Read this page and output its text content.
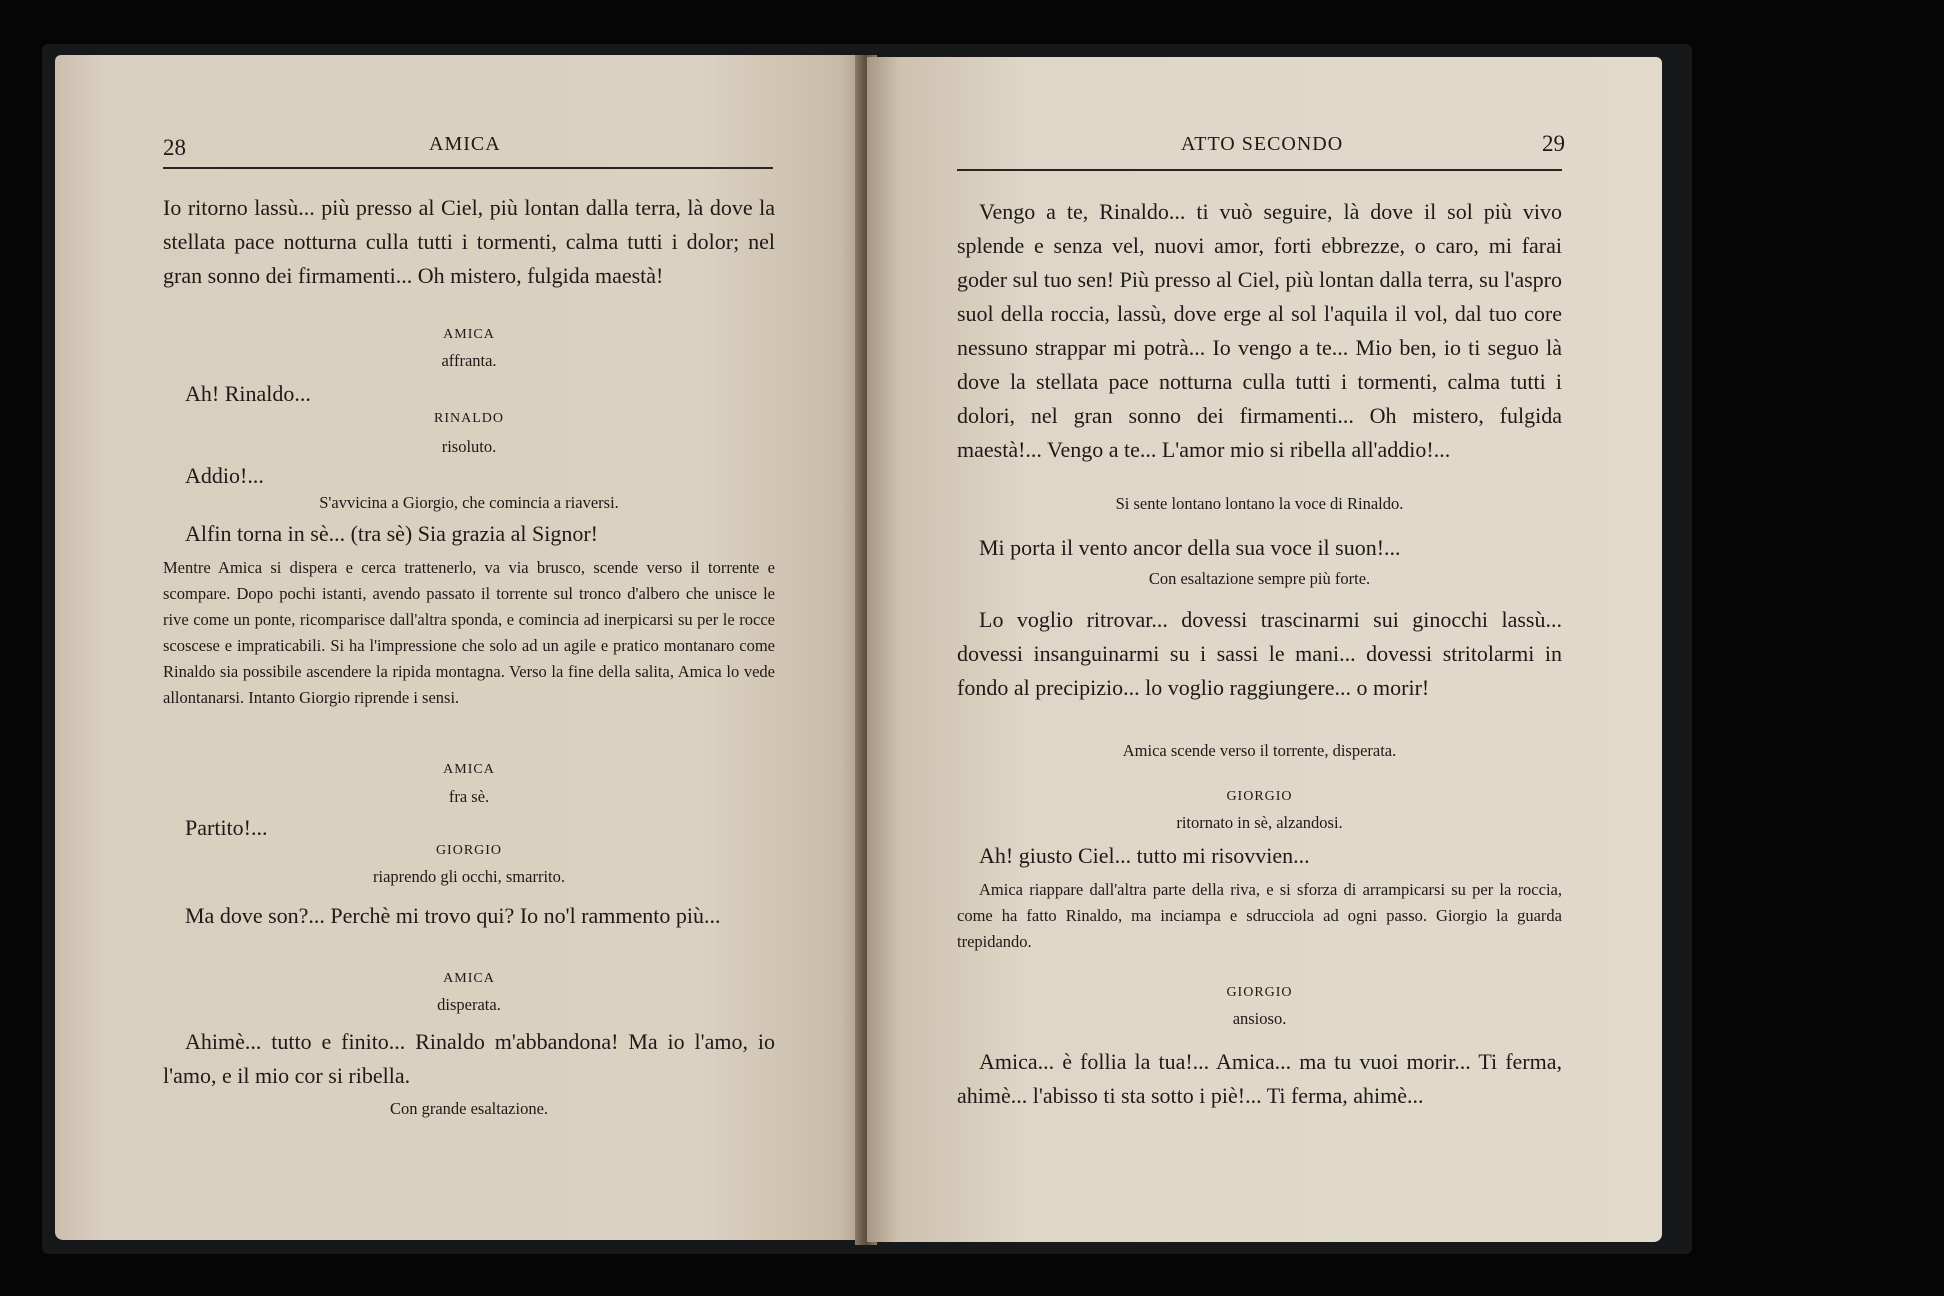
28	AMICA
Io ritorno lassù... più presso al Ciel, più lontan dalla terra, là dove la stellata pace notturna culla tutti i tormenti, calma tutti i dolor; nel gran sonno dei firmamenti... Oh mistero, fulgida maestà!
AMICA
affranta.
Ah! Rinaldo...
RINALDO
risoluto.
Addio!...
S'avvicina a Giorgio, che comincia a riaversi.
Alfin torna in sè... (tra sè) Sia grazia al Signor!
Mentre Amica si dispera e cerca trattenerlo, va via brusco, scende verso il torrente e scompare. Dopo pochi istanti, avendo passato il torrente sul tronco d'albero che unisce le rive come un ponte, ricomparisce dall'altra sponda, e comincia ad inerpicarsi su per le rocce scoscese e impraticabili. Si ha l'impressione che solo ad un agile e pratico montanaro come Rinaldo sia possibile ascendere la ripida montagna. Verso la fine della salita, Amica lo vede allontanarsi. Intanto Giorgio riprende i sensi.
AMICA
fra sè.
Partito!...
GIORGIO
riaprendo gli occhi, smarrito.
Ma dove son?... Perchè mi trovo qui? Io no'l rammento più...
AMICA
disperata.
Ahimè... tutto e finito... Rinaldo m'abbandona! Ma io l'amo, io l'amo, e il mio cor si ribella.
Con grande esaltazione.
ATTO SECONDO	29
Vengo a te, Rinaldo... ti vuò seguire, là dove il sol più vivo splende e senza vel, nuovi amor, forti ebbrezze, o caro, mi farai goder sul tuo sen! Più presso al Ciel, più lontan dalla terra, su l'aspro suol della roccia, lassù, dove erge al sol l'aquila il vol, dal tuo core nessuno strappar mi potrà... Io vengo a te... Mio ben, io ti seguo là dove la stellata pace notturna culla tutti i tormenti, calma tutti i dolori, nel gran sonno dei firmamenti... Oh mistero, fulgida maestà!... Vengo a te... L'amor mio si ribella all'addio!...
Si sente lontano lontano la voce di Rinaldo.
Mi porta il vento ancor della sua voce il suon!...
Con esaltazione sempre più forte.
Lo voglio ritrovar... dovessi trascinarmi sui ginocchi lassù... dovessi insanguinarmi su i sassi le mani... dovessi stritolarmi in fondo al precipizio... lo voglio raggiungere... o morir!
Amica scende verso il torrente, disperata.
GIORGIO
ritornato in sè, alzandosi.
Ah! giusto Ciel... tutto mi risovvien...
Amica riappare dall'altra parte della riva, e si sforza di arrampicarsi su per la roccia, come ha fatto Rinaldo, ma inciampa e sdrucciola ad ogni passo. Giorgio la guarda trepidando.
GIORGIO
ansioso.
Amica... è follia la tua!... Amica... ma tu vuoi morir... Ti ferma, ahimè... l'abisso ti sta sotto i piè!... Ti ferma, ahimè...
